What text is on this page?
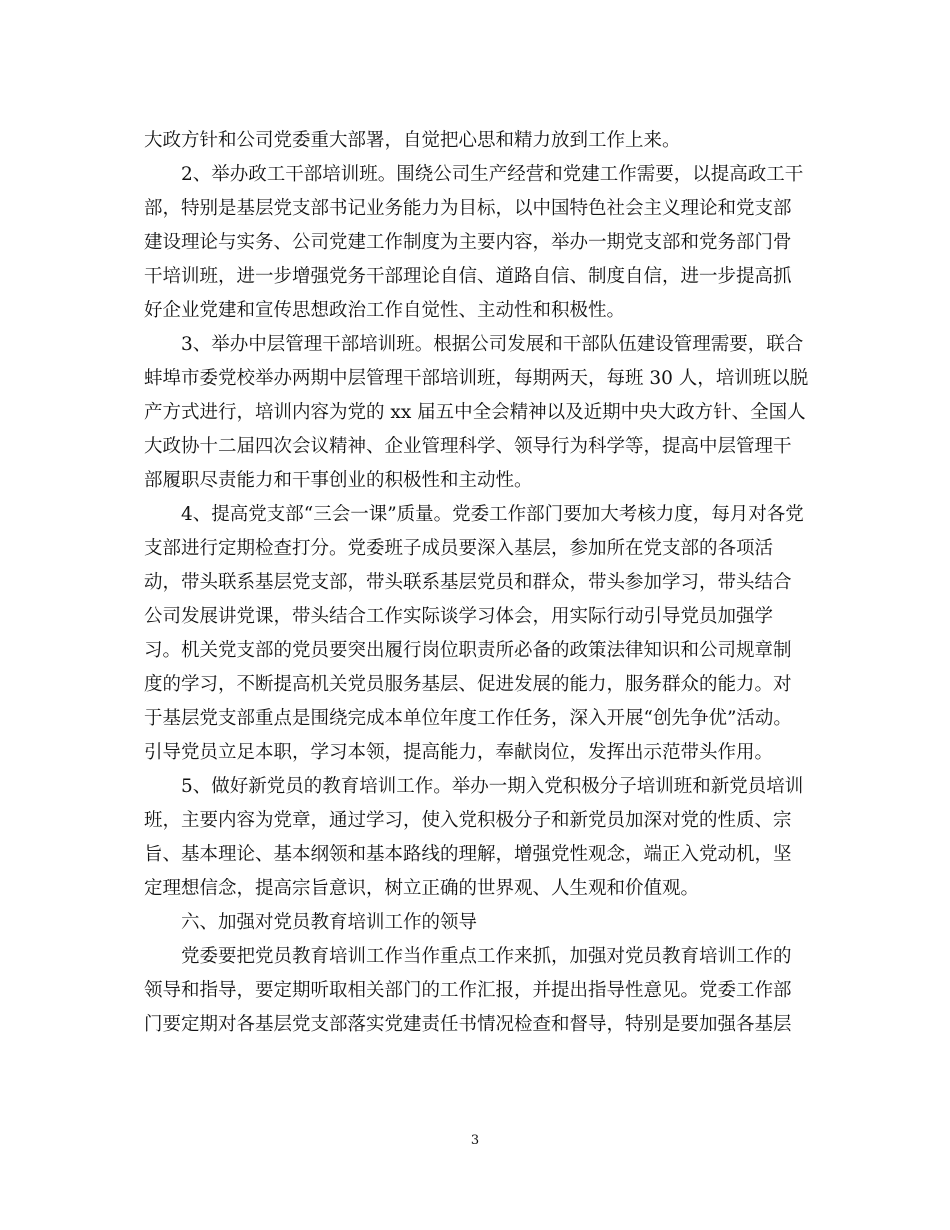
大政方针和公司党委重大部署，自觉把心思和精力放到工作上来。
2、举办政工干部培训班。围绕公司生产经营和党建工作需要，以提高政工干
部，特别是基层党支部书记业务能力为目标，以中国特色社会主义理论和党支部
建设理论与实务、公司党建工作制度为主要内容，举办一期党支部和党务部门骨
干培训班，进一步增强党务干部理论自信、道路自信、制度自信，进一步提高抓
好企业党建和宣传思想政治工作自觉性、主动性和积极性。
3、举办中层管理干部培训班。根据公司发展和干部队伍建设管理需要，联合
蚌埠市委党校举办两期中层管理干部培训班，每期两天，每班 30 人，培训班以脱
产方式进行，培训内容为党的 xx 届五中全会精神以及近期中央大政方针、全国人
大政协十二届四次会议精神、企业管理科学、领导行为科学等，提高中层管理干
部履职尽责能力和干事创业的积极性和主动性。
4、提高党支部“三会一课”质量。党委工作部门要加大考核力度，每月对各党
支部进行定期检查打分。党委班子成员要深入基层，参加所在党支部的各项活
动，带头联系基层党支部，带头联系基层党员和群众，带头参加学习，带头结合
公司发展讲党课，带头结合工作实际谈学习体会，用实际行动引导党员加强学
习。机关党支部的党员要突出履行岗位职责所必备的政策法律知识和公司规章制
度的学习，不断提高机关党员服务基层、促进发展的能力，服务群众的能力。对
于基层党支部重点是围绕完成本单位年度工作任务，深入开展“创先争优”活动。
引导党员立足本职，学习本领，提高能力，奉献岗位，发挥出示范带头作用。
5、做好新党员的教育培训工作。举办一期入党积极分子培训班和新党员培训
班，主要内容为党章，通过学习，使入党积极分子和新党员加深对党的性质、宗
旨、基本理论、基本纲领和基本路线的理解，增强党性观念，端正入党动机，坚
定理想信念，提高宗旨意识，树立正确的世界观、人生观和价值观。
六、加强对党员教育培训工作的领导
党委要把党员教育培训工作当作重点工作来抓，加强对党员教育培训工作的
领导和指导，要定期听取相关部门的工作汇报，并提出指导性意见。党委工作部
门要定期对各基层党支部落实党建责任书情况检查和督导，特别是要加强各基层
3
